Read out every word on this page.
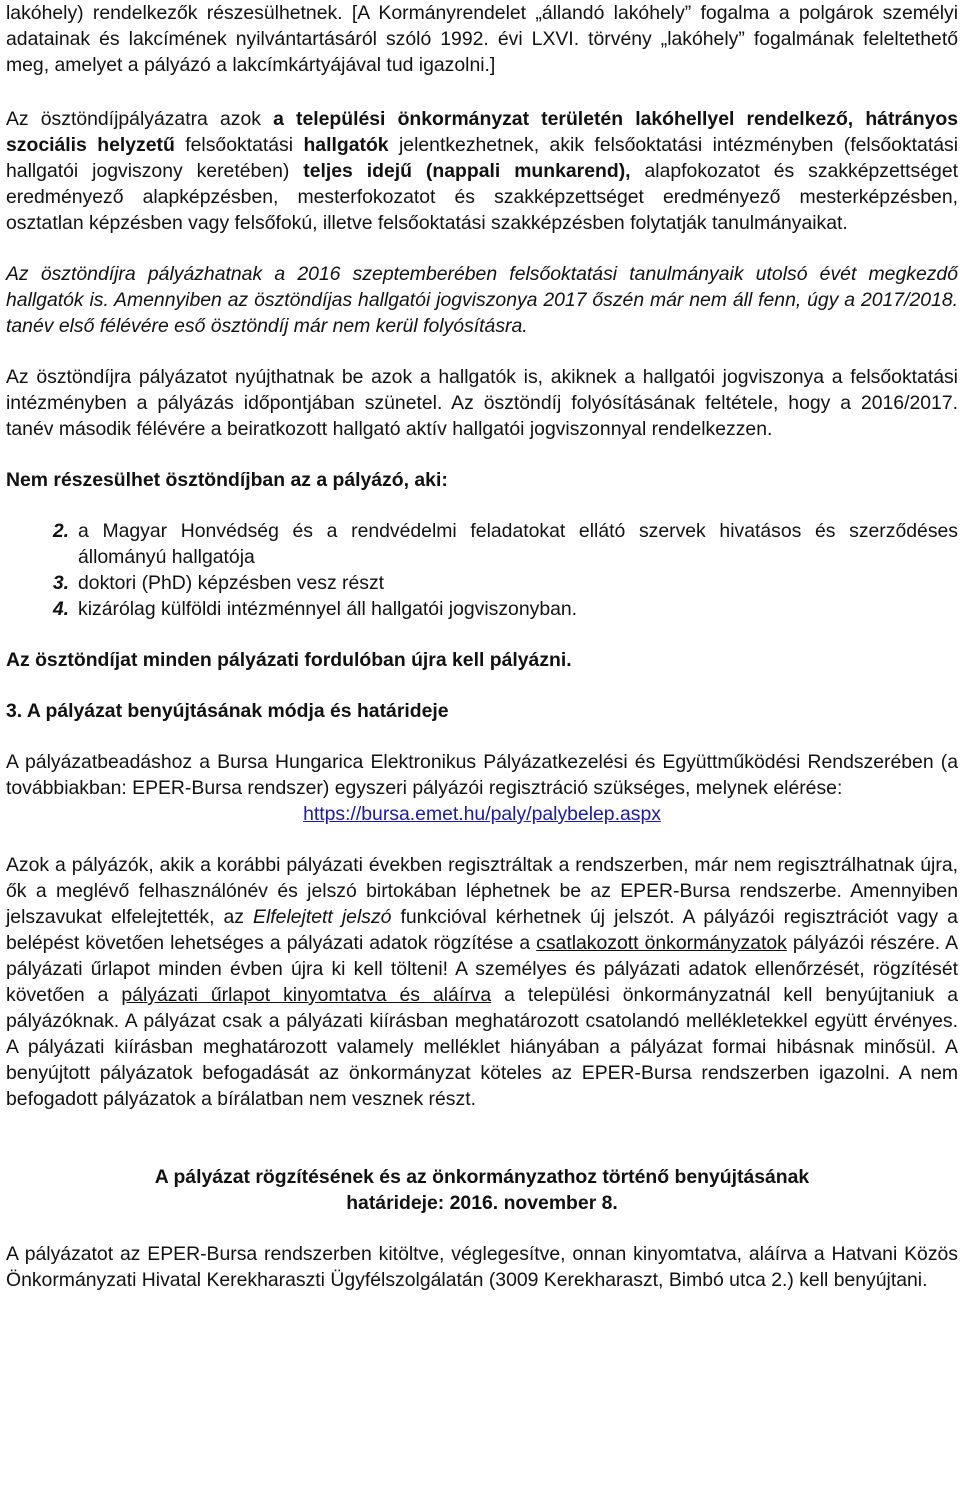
lakóhely) rendelkezők részesülhetnek. [A Kormányrendelet „állandó lakóhely” fogalma a polgárok személyi adatainak és lakcímének nyilvántartásáról szóló 1992. évi LXVI. törvény „lakóhely” fogalmának feleltethető meg, amelyet a pályázó a lakcímkártyájával tud igazolni.]

Az ösztöndíjpályázatra azok a települési önkormányzat területén lakóhellyel rendelkező, hátrányos szociális helyzetű felsőoktatási hallgatók jelentkezhetnek, akik felsőoktatási intézményben (felsőoktatási hallgatói jogviszony keretében) teljes idejű (nappali munkarend), alapfokozatot és szakképzettséget eredményező alapképzésben, mesterfokozatot és szakképzettséget eredményező mesterképzésben, osztatlan képzésben vagy felsőfokú, illetve felsőoktatási szakképzésben folytatják tanulmányaikat.

Az ösztöndíjra pályázhatnak a 2016 szeptemberében felsőoktatási tanulmányaik utolsó évét megkezdő hallgatók is. Amennyiben az ösztöndíjas hallgatói jogviszonya 2017 őszén már nem áll fenn, úgy a 2017/2018. tanév első félévére eső ösztöndíj már nem kerül folyósításra.

Az ösztöndíjra pályázatot nyújthatnak be azok a hallgatók is, akiknek a hallgatói jogviszonya a felsőoktatási intézményben a pályázás időpontjában szünetel. Az ösztöndíj folyósításának feltétele, hogy a 2016/2017. tanév második félévére a beiratkozott hallgató aktív hallgatói jogviszonnyal rendelkezzen.

Nem részesülhet ösztöndíjban az a pályázó, aki:

2. a Magyar Honvédség és a rendvédelmi feladatokat ellátó szervek hivatásos és szerződéses állományú hallgatója
3. doktori (PhD) képzésben vesz részt
4. kizárólag külföldi intézménnyel áll hallgatói jogviszonyban.

Az ösztöndíjat minden pályázati fordulóban újra kell pályázni.

3. A pályázat benyújtásának módja és határideje

A pályázatbeadáshoz a Bursa Hungarica Elektronikus Pályázatkezelési és Együttműködési Rendszerében (a továbbiakban: EPER-Bursa rendszer) egyszeri pályázói regisztráció szükséges, melynek elérése:

https://bursa.emet.hu/paly/palybelep.aspx

Azok a pályázók, akik a korábbi pályázati években regisztráltak a rendszerben, már nem regisztrálhatnak újra, ők a meglévő felhasználónév és jelszó birtokában léphetnek be az EPER-Bursa rendszerbe. Amennyiben jelszavukat elfelejtették, az Elfelejtett jelszó funkcióval kérhetnek új jelszót. A pályázói regisztrációt vagy a belépést követően lehetséges a pályázati adatok rögzítése a csatlakozott önkormányzatok pályázói részére. A pályázati űrlapot minden évben újra ki kell tölteni! A személyes és pályázati adatok ellenőrzését, rögzítését követően a pályázati űrlapot kinyomtatva és aláírva a települési önkormányzatnál kell benyújtaniuk a pályázóknak. A pályázat csak a pályázati kiírásban meghatározott csatolandó mellékletekkel együtt érvényes. A pályázati kiírásban meghatározott valamely melléklet hiányában a pályázat formai hibásnak minősül. A benyújtott pályázatok befogadását az önkormányzat köteles az EPER-Bursa rendszerben igazolni. A nem befogadott pályázatok a bírálatban nem vesznek részt.

A pályázat rögzítésének és az önkormányzathoz történő benyújtásának

határideje: 2016. november 8.

A pályázatot az EPER-Bursa rendszerben kitöltve, véglegesítve, onnan kinyomtatva, aláírva a Hatvani Közös Önkormányzati Hivatal Kerekharaszti Ügyfélszolgálatán (3009 Kerekharaszt, Bimbó utca 2.) kell benyújtani.
